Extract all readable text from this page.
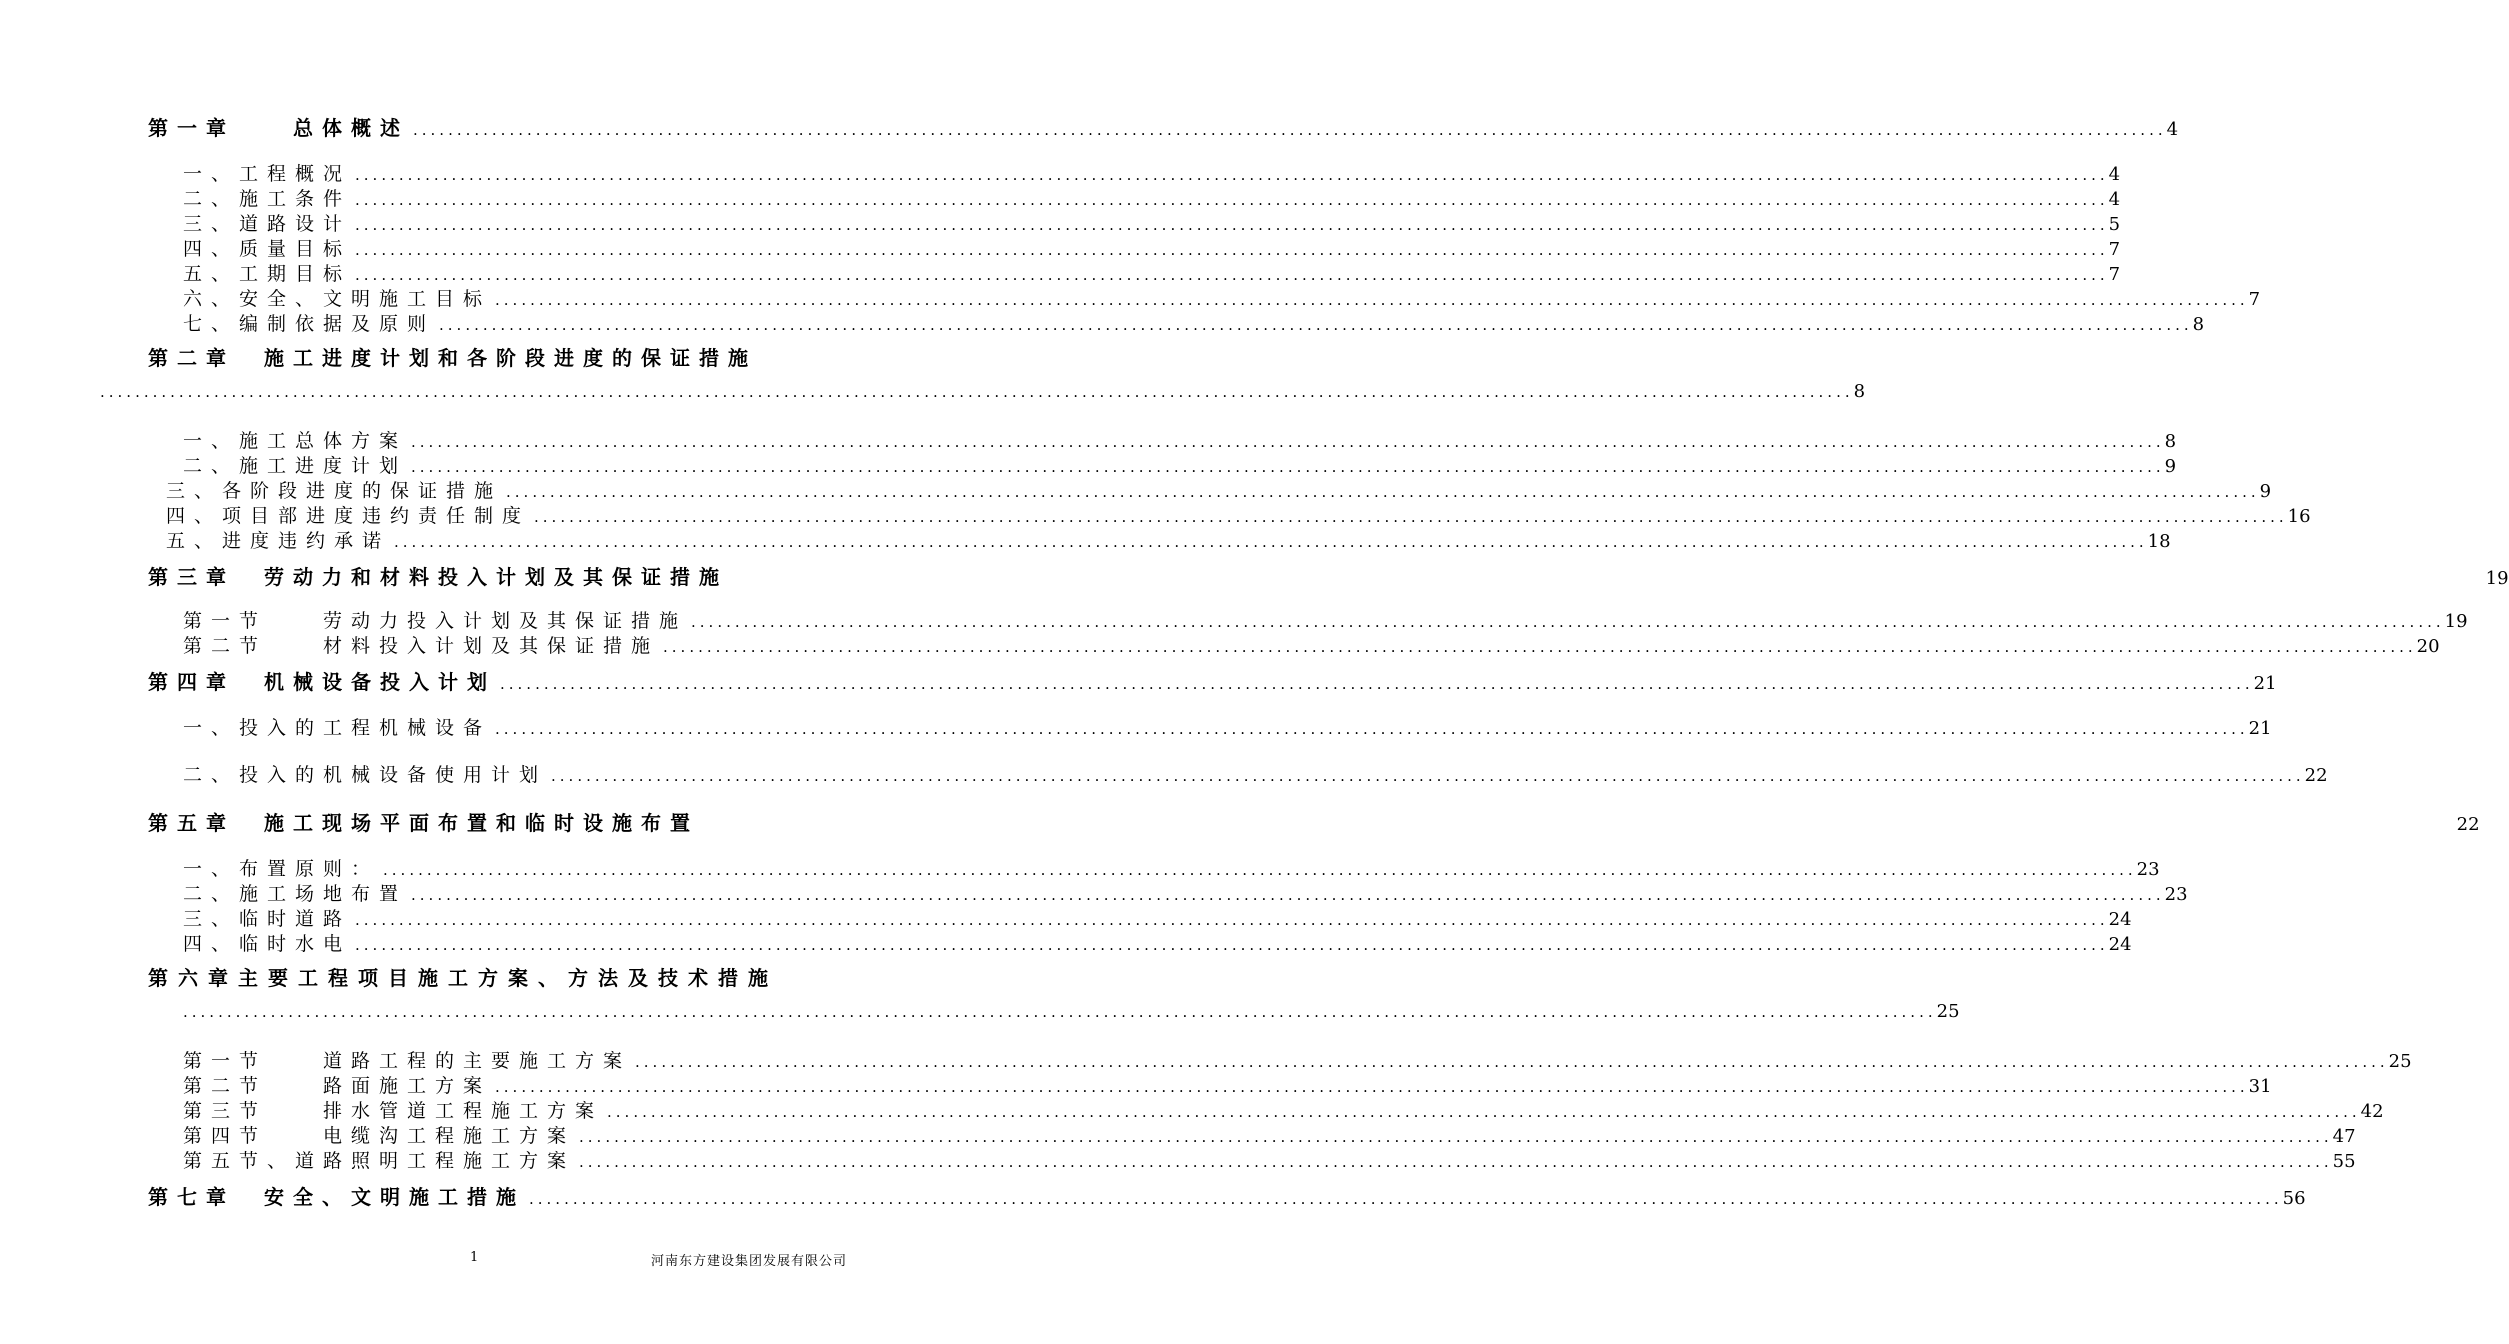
第一章　　总体概述 ........................................................................................................................................................................................................ 4
一、工程概况 ........................................................................................................................................................................................................ 4
二、施工条件 ........................................................................................................................................................................................................ 4
三、道路设计 ........................................................................................................................................................................................................ 5
四、质量目标 ........................................................................................................................................................................................................ 7
五、工期目标 ........................................................................................................................................................................................................ 7
六、安全、文明施工目标 ........................................................................................................................................................................................................ 7
七、编制依据及原则 ........................................................................................................................................................................................................ 8
第二章　施工进度计划和各阶段进度的保证措施
........................................................................................................................................................................................................ 8
一、施工总体方案 ........................................................................................................................................................................................................ 8
二、施工进度计划 ........................................................................................................................................................................................................ 9
三、各阶段进度的保证措施 ........................................................................................................................................................................................................ 9
四、项目部进度违约责任制度 ........................................................................................................................................................................................................ 16
五、进度违约承诺 ........................................................................................................................................................................................................ 18
第三章　劳动力和材料投入计划及其保证措施	19
第一节　　劳动力投入计划及其保证措施 ........................................................................................................................................................................................................ 19
第二节　　材料投入计划及其保证措施 ........................................................................................................................................................................................................ 20
第四章　机械设备投入计划 ........................................................................................................................................................................................................ 21
一、投入的工程机械设备 ........................................................................................................................................................................................................ 21
二、投入的机械设备使用计划 ........................................................................................................................................................................................................ 22
第五章　施工现场平面布置和临时设施布置	22
一、布置原则： ........................................................................................................................................................................................................ 23
二、施工场地布置 ........................................................................................................................................................................................................ 23
三、临时道路 ........................................................................................................................................................................................................ 24
四、临时水电 ........................................................................................................................................................................................................ 24
第六章主要工程项目施工方案、方法及技术措施
........................................................................................................................................................................................................ 25
第一节　　道路工程的主要施工方案 ........................................................................................................................................................................................................ 25
第二节　　路面施工方案 ........................................................................................................................................................................................................ 31
第三节　　排水管道工程施工方案 ........................................................................................................................................................................................................ 42
第四节　　电缆沟工程施工方案 ........................................................................................................................................................................................................ 47
第五节、道路照明工程施工方案 ........................................................................................................................................................................................................ 55
第七章　安全、文明施工措施 ........................................................................................................................................................................................................ 56
1	河南东方建设集团发展有限公司
